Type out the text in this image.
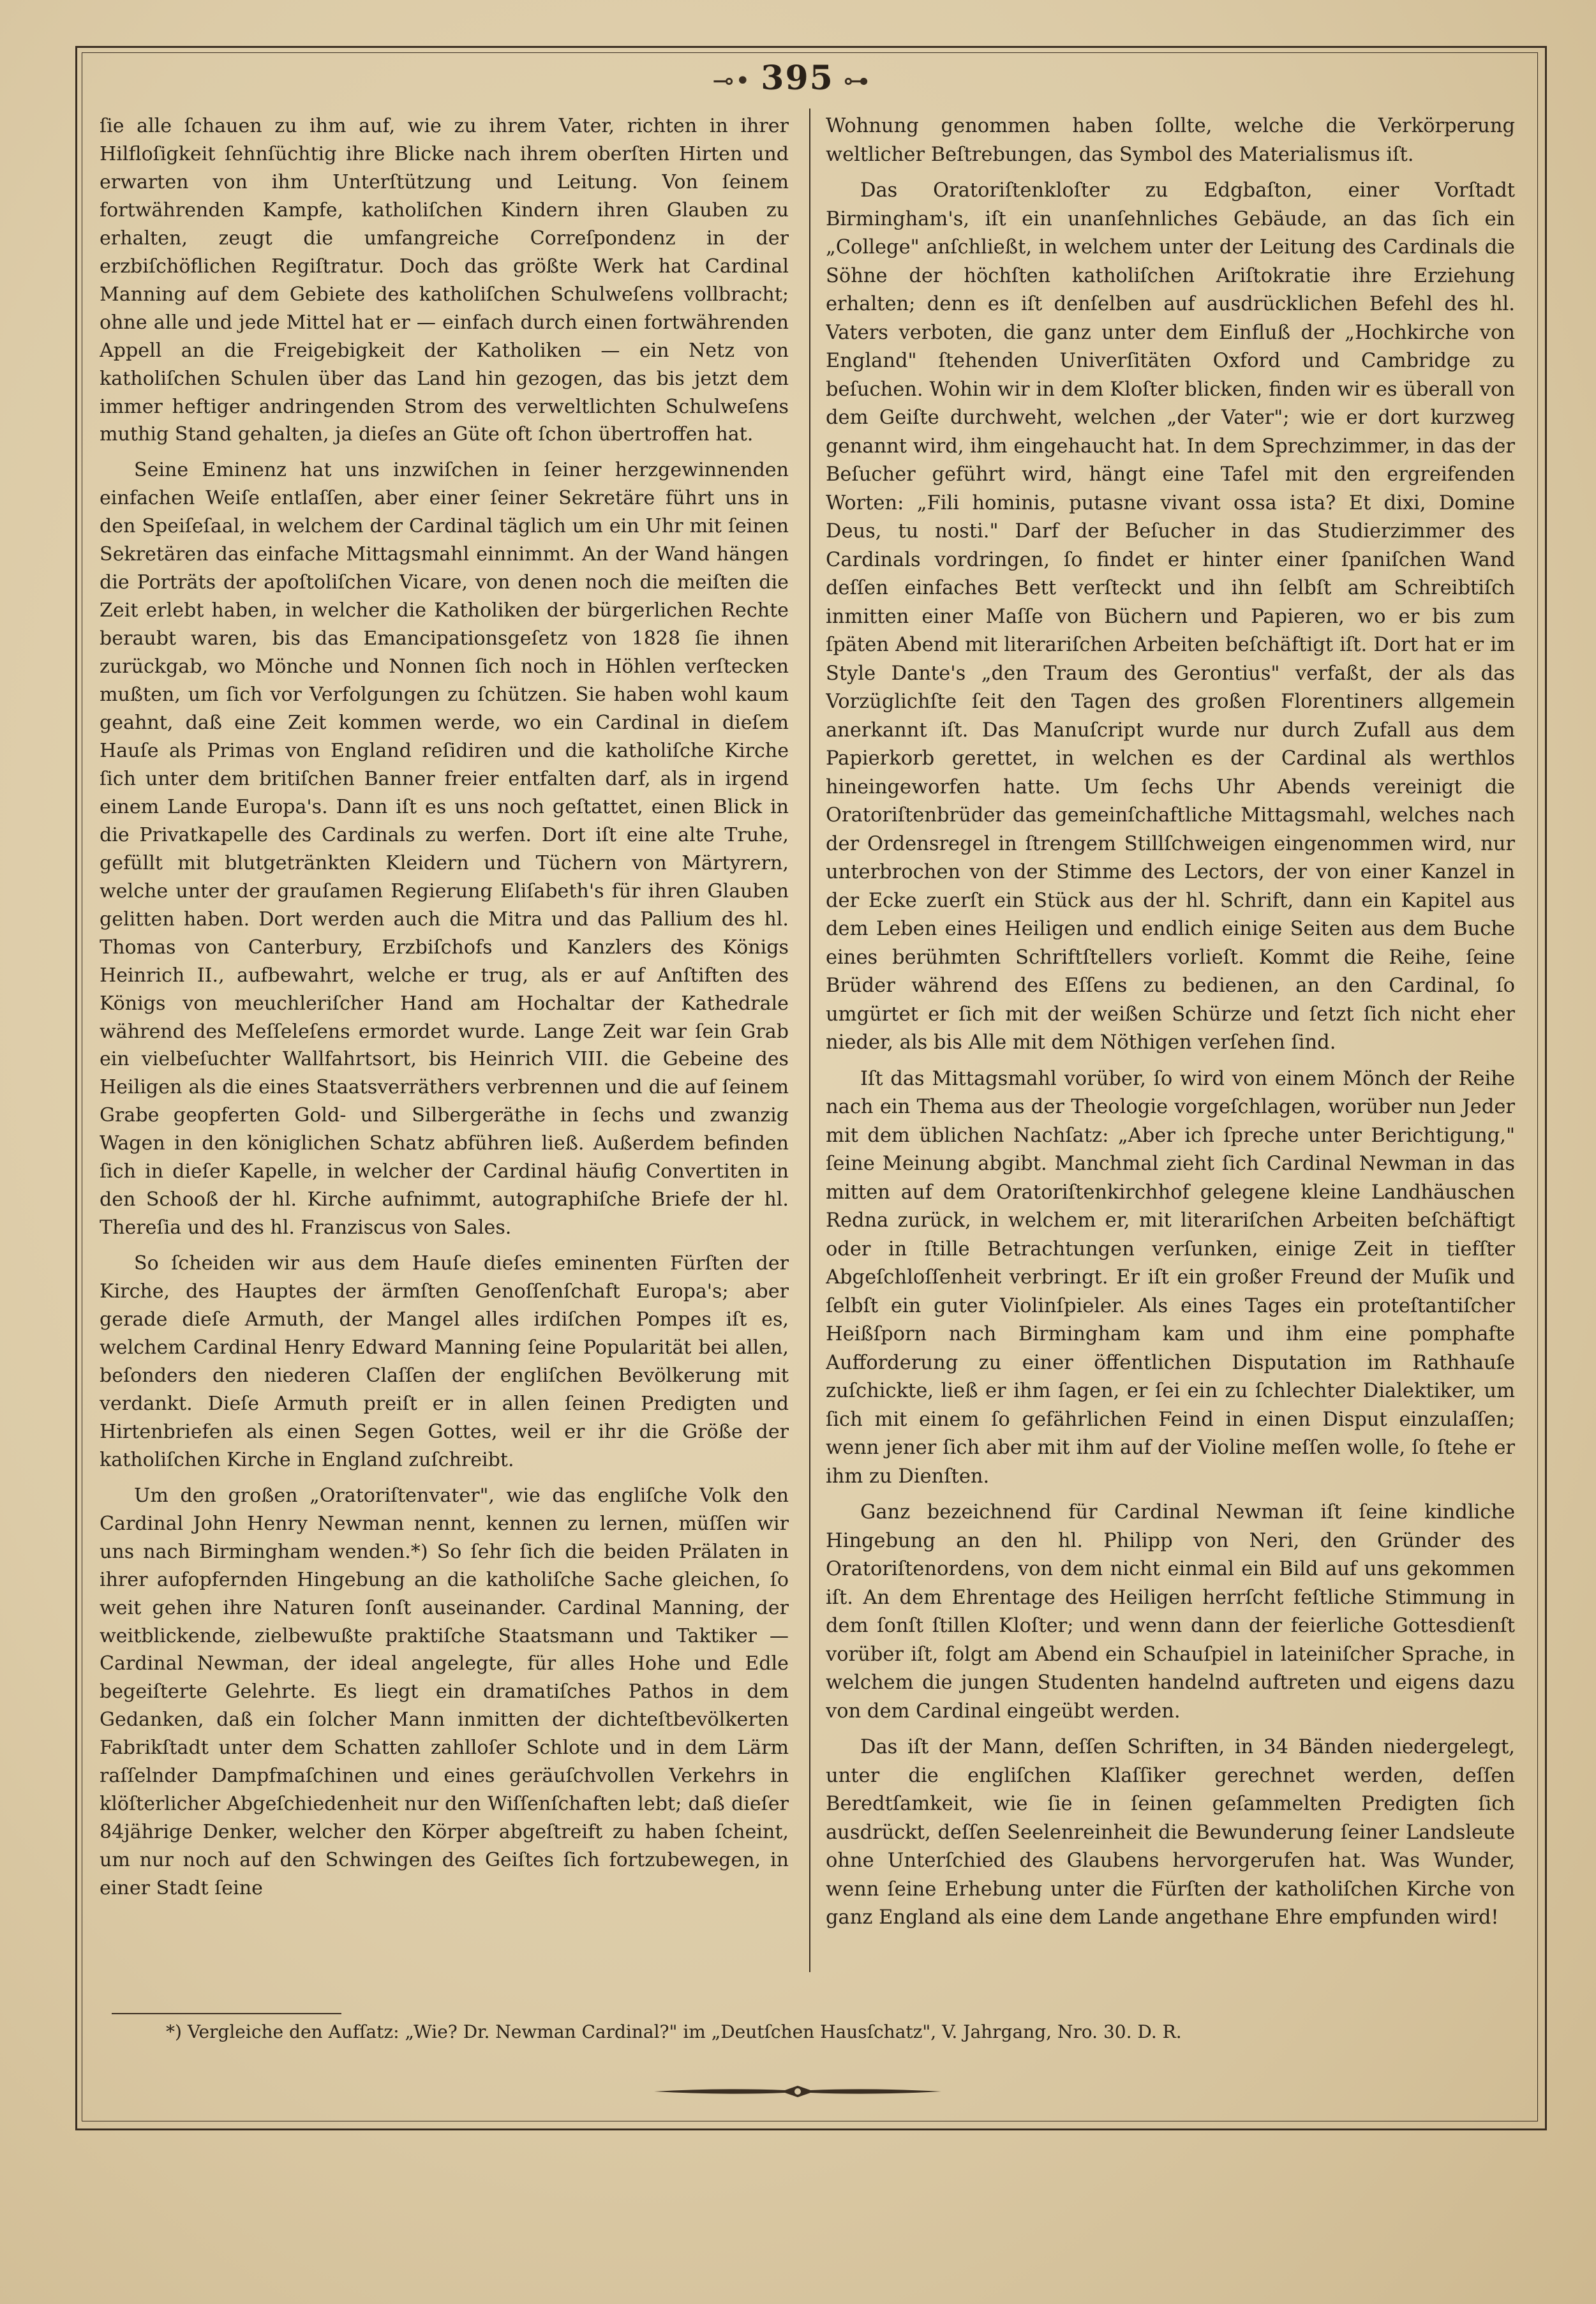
⊸• 395 ⊶

ſie alle ſchauen zu ihm auf, wie zu ihrem Vater, richten in ihrer Hilfloſigkeit ſehnſüchtig ihre Blicke nach ihrem oberſten Hirten und erwarten von ihm Unterſtützung und Leitung. Von ſeinem fortwährenden Kampfe, katholiſchen Kindern ihren Glauben zu erhalten, zeugt die umfangreiche Correſpondenz in der erzbiſchöflichen Regiſtratur. Doch das größte Werk hat Cardinal Manning auf dem Gebiete des katholiſchen Schulweſens vollbracht; ohne alle und jede Mittel hat er — einfach durch einen fortwährenden Appell an die Freigebigkeit der Katholiken — ein Netz von katholiſchen Schulen über das Land hin gezogen, das bis jetzt dem immer heftiger andringenden Strom des verweltlichten Schulweſens muthig Stand gehalten, ja dieſes an Güte oft ſchon übertroffen hat.

Seine Eminenz hat uns inzwiſchen in ſeiner herzgewinnenden einfachen Weiſe entlaſſen, aber einer ſeiner Sekretäre führt uns in den Speiſeſaal, in welchem der Cardinal täglich um ein Uhr mit ſeinen Sekretären das einfache Mittagsmahl einnimmt. An der Wand hängen die Porträts der apoſtoliſchen Vicare, von denen noch die meiſten die Zeit erlebt haben, in welcher die Katholiken der bürgerlichen Rechte beraubt waren, bis das Emancipationsgeſetz von 1828 ſie ihnen zurückgab, wo Mönche und Nonnen ſich noch in Höhlen verſtecken mußten, um ſich vor Verfolgungen zu ſchützen. Sie haben wohl kaum geahnt, daß eine Zeit kommen werde, wo ein Cardinal in dieſem Hauſe als Primas von England reſidiren und die katholiſche Kirche ſich unter dem britiſchen Banner freier entfalten darf, als in irgend einem Lande Europa's. Dann iſt es uns noch geſtattet, einen Blick in die Privatkapelle des Cardinals zu werfen. Dort iſt eine alte Truhe, gefüllt mit blutgetränkten Kleidern und Tüchern von Märtyrern, welche unter der grauſamen Regierung Eliſabeth's für ihren Glauben gelitten haben. Dort werden auch die Mitra und das Pallium des hl. Thomas von Canterbury, Erzbiſchofs und Kanzlers des Königs Heinrich II., aufbewahrt, welche er trug, als er auf Anſtiften des Königs von meuchleriſcher Hand am Hochaltar der Kathedrale während des Meſſeleſens ermordet wurde. Lange Zeit war ſein Grab ein vielbeſuchter Wallfahrtsort, bis Heinrich VIII. die Gebeine des Heiligen als die eines Staatsverräthers verbrennen und die auf ſeinem Grabe geopferten Gold- und Silbergeräthe in ſechs und zwanzig Wagen in den königlichen Schatz abführen ließ. Außerdem befinden ſich in dieſer Kapelle, in welcher der Cardinal häufig Convertiten in den Schooß der hl. Kirche aufnimmt, autographiſche Briefe der hl. Thereſia und des hl. Franziscus von Sales.

So ſcheiden wir aus dem Hauſe dieſes eminenten Fürſten der Kirche, des Hauptes der ärmſten Genoſſenſchaft Europa's; aber gerade dieſe Armuth, der Mangel alles irdiſchen Pompes iſt es, welchem Cardinal Henry Edward Manning ſeine Popularität bei allen, beſonders den niederen Claſſen der engliſchen Bevölkerung mit verdankt. Dieſe Armuth preiſt er in allen ſeinen Predigten und Hirtenbriefen als einen Segen Gottes, weil er ihr die Größe der katholiſchen Kirche in England zuſchreibt.

Um den großen „Oratoriſtenvater", wie das engliſche Volk den Cardinal John Henry Newman nennt, kennen zu lernen, müſſen wir uns nach Birmingham wenden.*) So ſehr ſich die beiden Prälaten in ihrer aufopfernden Hingebung an die katholiſche Sache gleichen, ſo weit gehen ihre Naturen ſonſt auseinander. Cardinal Manning, der weitblickende, zielbewußte praktiſche Staatsmann und Taktiker — Cardinal Newman, der ideal angelegte, für alles Hohe und Edle begeiſterte Gelehrte. Es liegt ein dramatiſches Pathos in dem Gedanken, daß ein ſolcher Mann inmitten der dichteſtbevölkerten Fabrikſtadt unter dem Schatten zahlloſer Schlote und in dem Lärm raſſelnder Dampfmaſchinen und eines geräuſchvollen Verkehrs in klöſterlicher Abgeſchiedenheit nur den Wiſſenſchaften lebt; daß dieſer 84jährige Denker, welcher den Körper abgeſtreift zu haben ſcheint, um nur noch auf den Schwingen des Geiſtes ſich fortzubewegen, in einer Stadt ſeine

Wohnung genommen haben ſollte, welche die Verkörperung weltlicher Beſtrebungen, das Symbol des Materialismus iſt.

Das Oratoriſtenkloſter zu Edgbaſton, einer Vorſtadt Birmingham's, iſt ein unanſehnliches Gebäude, an das ſich ein „College" anſchließt, in welchem unter der Leitung des Cardinals die Söhne der höchſten katholiſchen Ariſtokratie ihre Erziehung erhalten; denn es iſt denſelben auf ausdrücklichen Befehl des hl. Vaters verboten, die ganz unter dem Einfluß der „Hochkirche von England" ſtehenden Univerſitäten Oxford und Cambridge zu beſuchen. Wohin wir in dem Kloſter blicken, finden wir es überall von dem Geiſte durchweht, welchen „der Vater"; wie er dort kurzweg genannt wird, ihm eingehaucht hat. In dem Sprechzimmer, in das der Beſucher geführt wird, hängt eine Tafel mit den ergreifenden Worten: „Fili hominis, putasne vivant ossa ista? Et dixi, Domine Deus, tu nosti." Darf der Beſucher in das Studierzimmer des Cardinals vordringen, ſo findet er hinter einer ſpaniſchen Wand deſſen einfaches Bett verſteckt und ihn ſelbſt am Schreibtiſch inmitten einer Maſſe von Büchern und Papieren, wo er bis zum ſpäten Abend mit literariſchen Arbeiten beſchäftigt iſt. Dort hat er im Style Dante's „den Traum des Gerontius" verfaßt, der als das Vorzüglichſte ſeit den Tagen des großen Florentiners allgemein anerkannt iſt. Das Manuſcript wurde nur durch Zufall aus dem Papierkorb gerettet, in welchen es der Cardinal als werthlos hineingeworfen hatte. Um ſechs Uhr Abends vereinigt die Oratoriſtenbrüder das gemeinſchaftliche Mittagsmahl, welches nach der Ordensregel in ſtrengem Stillſchweigen eingenommen wird, nur unterbrochen von der Stimme des Lectors, der von einer Kanzel in der Ecke zuerſt ein Stück aus der hl. Schrift, dann ein Kapitel aus dem Leben eines Heiligen und endlich einige Seiten aus dem Buche eines berühmten Schriftſtellers vorlieſt. Kommt die Reihe, ſeine Brüder während des Eſſens zu bedienen, an den Cardinal, ſo umgürtet er ſich mit der weißen Schürze und ſetzt ſich nicht eher nieder, als bis Alle mit dem Nöthigen verſehen ſind.

Iſt das Mittagsmahl vorüber, ſo wird von einem Mönch der Reihe nach ein Thema aus der Theologie vorgeſchlagen, worüber nun Jeder mit dem üblichen Nachſatz: „Aber ich ſpreche unter Berichtigung," ſeine Meinung abgibt. Manchmal zieht ſich Cardinal Newman in das mitten auf dem Oratoriſtenkirchhof gelegene kleine Landhäuschen Redna zurück, in welchem er, mit literariſchen Arbeiten beſchäftigt oder in ſtille Betrachtungen verſunken, einige Zeit in tiefſter Abgeſchloſſenheit verbringt. Er iſt ein großer Freund der Muſik und ſelbſt ein guter Violinſpieler. Als eines Tages ein proteſtantiſcher Heißſporn nach Birmingham kam und ihm eine pomphafte Aufforderung zu einer öffentlichen Disputation im Rathhauſe zuſchickte, ließ er ihm ſagen, er ſei ein zu ſchlechter Dialektiker, um ſich mit einem ſo gefährlichen Feind in einen Disput einzulaſſen; wenn jener ſich aber mit ihm auf der Violine meſſen wolle, ſo ſtehe er ihm zu Dienſten.

Ganz bezeichnend für Cardinal Newman iſt ſeine kindliche Hingebung an den hl. Philipp von Neri, den Gründer des Oratoriſtenordens, von dem nicht einmal ein Bild auf uns gekommen iſt. An dem Ehrentage des Heiligen herrſcht feſtliche Stimmung in dem ſonſt ſtillen Kloſter; und wenn dann der feierliche Gottesdienſt vorüber iſt, folgt am Abend ein Schauſpiel in lateiniſcher Sprache, in welchem die jungen Studenten handelnd auftreten und eigens dazu von dem Cardinal eingeübt werden.

Das iſt der Mann, deſſen Schriften, in 34 Bänden niedergelegt, unter die engliſchen Klaſſiker gerechnet werden, deſſen Beredtſamkeit, wie ſie in ſeinen geſammelten Predigten ſich ausdrückt, deſſen Seelenreinheit die Bewunderung ſeiner Landsleute ohne Unterſchied des Glaubens hervorgerufen hat. Was Wunder, wenn ſeine Erhebung unter die Fürſten der katholiſchen Kirche von ganz England als eine dem Lande angethane Ehre empfunden wird!

*) Vergleiche den Aufſatz: „Wie? Dr. Newman Cardinal?" im „Deutſchen Hausſchatz", V. Jahrgang, Nro. 30. D. R.
